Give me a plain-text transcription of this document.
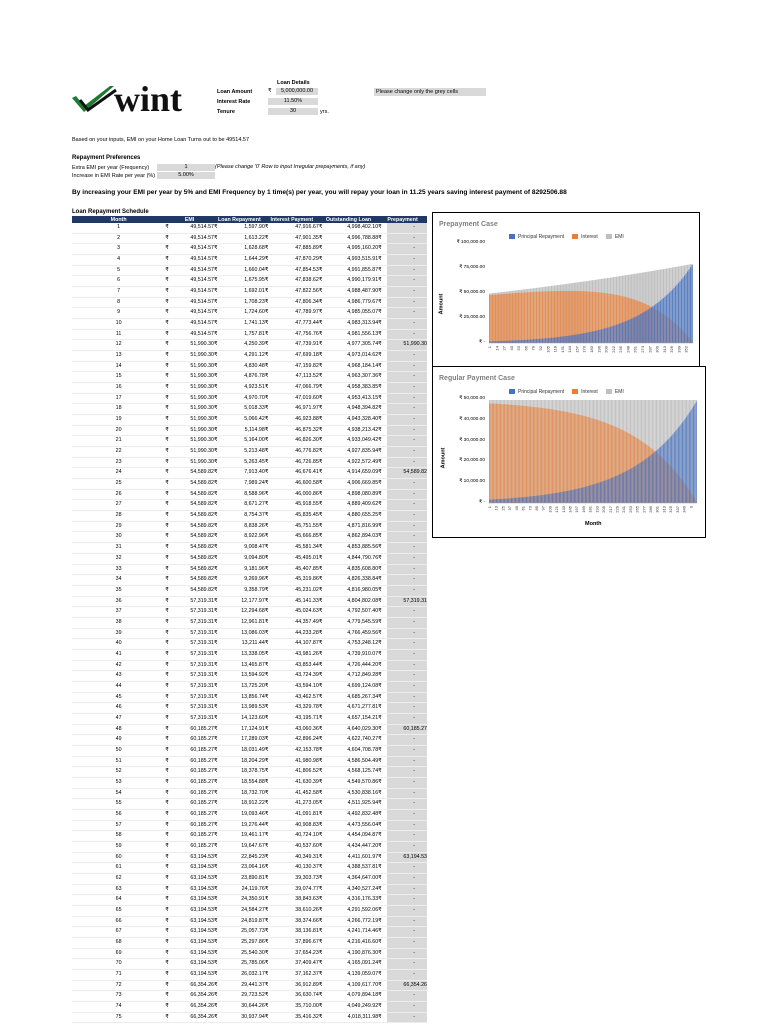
wint	Loan Details
Loan Amount	₹	5,000,000.00
Interest Rate	11.50%
Tenure	30	yrs.
Please change only the grey cells
Based on your inputs, EMI on your Home Loan Turns out to be 49514.57
Repayment Preferences
Extra EMI per year (Frequency)	1	(Please change '0' Row to input Irregular prepayments, if any)
Increase in EMI Rate per year (%)	5.00%
By increasing your EMI per year by 5% and EMI Frequency by 1 time(s) per year, you will repay your loan in 11.25 years saving interest payment of 8292506.88
Loan Repayment Schedule
Month	EMI		Loan Repayment		Interest Payment		Outstanding Loan		Prepayment	
1	₹	49,514.57	₹	1,597.90	₹	47,916.67	₹	4,998,402.10	₹	-
2	₹	49,514.57	₹	1,613.22	₹	47,901.35	₹	4,996,788.88	₹	-
3	₹	49,514.57	₹	1,628.68	₹	47,885.89	₹	4,995,160.20	₹	-
4	₹	49,514.57	₹	1,644.29	₹	47,870.29	₹	4,993,515.91	₹	-
5	₹	49,514.57	₹	1,660.04	₹	47,854.53	₹	4,991,855.87	₹	-
6	₹	49,514.57	₹	1,675.95	₹	47,838.62	₹	4,990,179.91	₹	-
7	₹	49,514.57	₹	1,692.01	₹	47,822.56	₹	4,988,487.90	₹	-
8	₹	49,514.57	₹	1,708.23	₹	47,806.34	₹	4,986,779.67	₹	-
9	₹	49,514.57	₹	1,724.60	₹	47,789.97	₹	4,985,055.07	₹	-
10	₹	49,514.57	₹	1,741.13	₹	47,773.44	₹	4,983,313.94	₹	-
11	₹	49,514.57	₹	1,757.81	₹	47,756.76	₹	4,981,556.13	₹	-
12	₹	51,990.30	₹	4,250.39	₹	47,739.91	₹	4,977,305.74	₹	51,990.30
13	₹	51,990.30	₹	4,291.12	₹	47,699.18	₹	4,973,014.62	₹	-
14	₹	51,990.30	₹	4,830.48	₹	47,159.82	₹	4,968,184.14	₹	-
15	₹	51,990.30	₹	4,876.78	₹	47,113.52	₹	4,963,307.36	₹	-
16	₹	51,990.30	₹	4,923.51	₹	47,066.79	₹	4,958,383.85	₹	-
17	₹	51,990.30	₹	4,970.70	₹	47,019.60	₹	4,953,413.15	₹	-
18	₹	51,990.30	₹	5,018.33	₹	46,971.97	₹	4,948,394.82	₹	-
19	₹	51,990.30	₹	5,066.42	₹	46,923.88	₹	4,943,328.40	₹	-
20	₹	51,990.30	₹	5,114.98	₹	46,875.32	₹	4,938,213.42	₹	-
21	₹	51,990.30	₹	5,164.00	₹	46,826.30	₹	4,933,049.42	₹	-
22	₹	51,990.30	₹	5,213.48	₹	46,776.82	₹	4,927,835.94	₹	-
23	₹	51,990.30	₹	5,263.45	₹	46,726.85	₹	4,922,572.49	₹	-
24	₹	54,589.82	₹	7,913.40	₹	46,676.41	₹	4,914,659.09	₹	54,589.82
25	₹	54,589.82	₹	7,989.24	₹	46,600.58	₹	4,906,669.85	₹	-
26	₹	54,589.82	₹	8,588.96	₹	46,000.86	₹	4,898,080.89	₹	-
27	₹	54,589.82	₹	8,671.27	₹	45,918.55	₹	4,889,409.62	₹	-
28	₹	54,589.82	₹	8,754.37	₹	45,835.45	₹	4,880,655.25	₹	-
29	₹	54,589.82	₹	8,838.26	₹	45,751.55	₹	4,871,816.99	₹	-
30	₹	54,589.82	₹	8,922.96	₹	45,666.85	₹	4,862,894.03	₹	-
31	₹	54,589.82	₹	9,008.47	₹	45,581.34	₹	4,853,885.56	₹	-
32	₹	54,589.82	₹	9,094.80	₹	45,495.01	₹	4,844,790.76	₹	-
33	₹	54,589.82	₹	9,181.96	₹	45,407.85	₹	4,835,608.80	₹	-
34	₹	54,589.82	₹	9,269.96	₹	45,319.86	₹	4,826,338.84	₹	-
35	₹	54,589.82	₹	9,358.79	₹	45,231.02	₹	4,816,980.05	₹	-
36	₹	57,319.31	₹	12,177.97	₹	45,141.33	₹	4,804,802.08	₹	57,319.31
37	₹	57,319.31	₹	12,294.68	₹	45,024.63	₹	4,792,507.40	₹	-
38	₹	57,319.31	₹	12,961.81	₹	44,357.49	₹	4,779,545.59	₹	-
39	₹	57,319.31	₹	13,086.03	₹	44,233.28	₹	4,766,459.56	₹	-
40	₹	57,319.31	₹	13,211.44	₹	44,107.87	₹	4,753,248.12	₹	-
41	₹	57,319.31	₹	13,338.05	₹	43,981.26	₹	4,739,910.07	₹	-
42	₹	57,319.31	₹	13,465.87	₹	43,853.44	₹	4,726,444.20	₹	-
43	₹	57,319.31	₹	13,594.92	₹	43,724.39	₹	4,712,849.28	₹	-
44	₹	57,319.31	₹	13,725.20	₹	43,594.10	₹	4,699,124.08	₹	-
45	₹	57,319.31	₹	13,856.74	₹	43,462.57	₹	4,685,267.34	₹	-
46	₹	57,319.31	₹	13,989.53	₹	43,329.78	₹	4,671,277.81	₹	-
47	₹	57,319.31	₹	14,123.60	₹	43,195.71	₹	4,657,154.21	₹	-
48	₹	60,185.27	₹	17,124.91	₹	43,060.36	₹	4,640,029.30	₹	60,185.27
49	₹	60,185.27	₹	17,289.03	₹	42,896.24	₹	4,622,740.27	₹	-
50	₹	60,185.27	₹	18,031.49	₹	42,153.78	₹	4,604,708.78	₹	-
51	₹	60,185.27	₹	18,204.29	₹	41,980.98	₹	4,586,504.49	₹	-
52	₹	60,185.27	₹	18,378.75	₹	41,806.52	₹	4,568,125.74	₹	-
53	₹	60,185.27	₹	18,554.88	₹	41,630.39	₹	4,549,570.86	₹	-
54	₹	60,185.27	₹	18,732.70	₹	41,452.58	₹	4,530,838.16	₹	-
55	₹	60,185.27	₹	18,912.22	₹	41,273.05	₹	4,511,925.94	₹	-
56	₹	60,185.27	₹	19,093.46	₹	41,091.81	₹	4,492,832.48	₹	-
57	₹	60,185.27	₹	19,276.44	₹	40,908.83	₹	4,473,556.04	₹	-
58	₹	60,185.27	₹	19,461.17	₹	40,724.10	₹	4,454,094.87	₹	-
59	₹	60,185.27	₹	19,647.67	₹	40,537.60	₹	4,434,447.20	₹	-
60	₹	63,194.53	₹	22,845.23	₹	40,349.31	₹	4,411,601.97	₹	63,194.53
61	₹	63,194.53	₹	23,064.16	₹	40,130.37	₹	4,388,537.81	₹	-
62	₹	63,194.53	₹	23,890.81	₹	39,303.73	₹	4,364,647.00	₹	-
63	₹	63,194.53	₹	24,119.76	₹	39,074.77	₹	4,340,527.24	₹	-
64	₹	63,194.53	₹	24,350.91	₹	38,843.63	₹	4,316,176.33	₹	-
65	₹	63,194.53	₹	24,584.27	₹	38,610.26	₹	4,291,592.06	₹	-
66	₹	63,194.53	₹	24,819.87	₹	38,374.66	₹	4,266,772.19	₹	-
67	₹	63,194.53	₹	25,057.73	₹	38,136.81	₹	4,241,714.46	₹	-
68	₹	63,194.53	₹	25,297.86	₹	37,896.67	₹	4,216,416.60	₹	-
69	₹	63,194.53	₹	25,540.30	₹	37,654.23	₹	4,190,876.30	₹	-
70	₹	63,194.53	₹	25,785.06	₹	37,409.47	₹	4,165,091.24	₹	-
71	₹	63,194.53	₹	26,032.17	₹	37,162.37	₹	4,139,059.07	₹	-
72	₹	66,354.26	₹	29,441.37	₹	36,912.89	₹	4,109,617.70	₹	66,354.26
73	₹	66,354.26	₹	29,723.52	₹	36,630.74	₹	4,079,894.18	₹	-
74	₹	66,354.26	₹	30,644.26	₹	35,710.00	₹	4,049,249.92	₹	-
75	₹	66,354.26	₹	30,937.94	₹	35,416.32	₹	4,018,311.98	₹	-
Prepayment Case
Principal Repayment	Interest	EMI
₹ -
₹ 25,000.00
₹ 50,000.00
₹ 75,000.00
₹ 100,000.00
Amount
1 14 27 40 53 66 79 92 105 118 131 144 157 170 183 196 209 222 235 248 261 274 287 300 313 326 339 352
Regular Payment Case
Principal Repayment	Interest	EMI
₹ -
₹ 10,000.00
₹ 20,000.00
₹ 30,000.00
₹ 40,000.00
₹ 50,000.00
Amount
1 13 25 37 49 61 73 85 97 109 121 133 145 157 169 181 193 205 217 229 241 253 265 277 289 301 313 325 337 349 0
Month
